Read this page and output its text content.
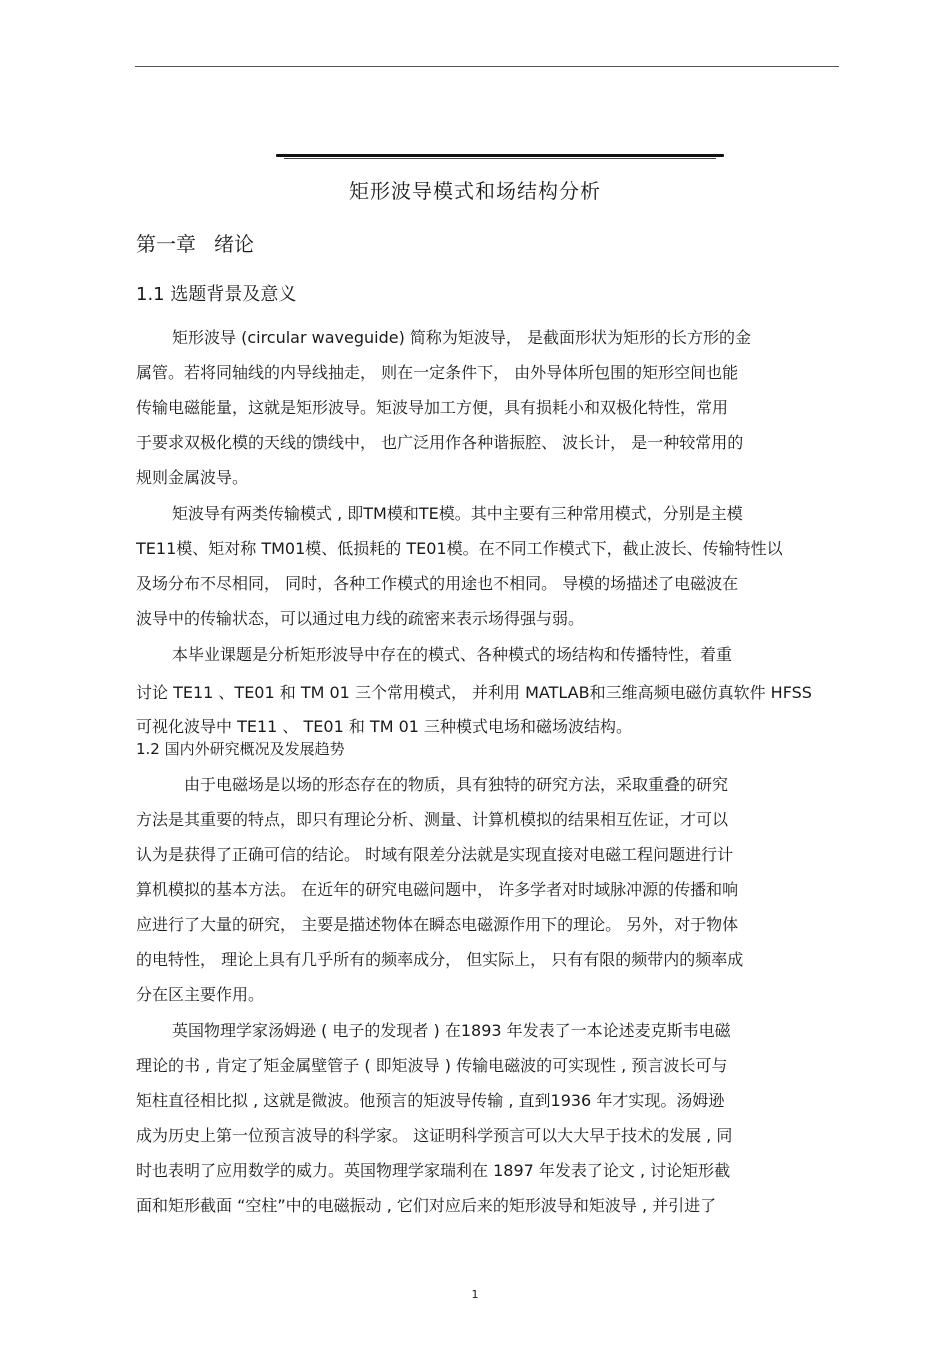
矩形波导模式和场结构分析
第一章 绪论
1.1 选题背景及意义
矩形波导 (circular waveguide) 简称为矩波导， 是截面形状为矩形的长方形的金
属管。若将同轴线的内导线抽走， 则在一定条件下， 由外导体所包围的矩形空间也能
传输电磁能量，这就是矩形波导。矩波导加工方便，具有损耗小和双极化特性，常用
于要求双极化模的天线的馈线中， 也广泛用作各种谐振腔、 波长计， 是一种较常用的
规则金属波导。
矩波导有两类传输模式 , 即TM模和TE模。其中主要有三种常用模式，分别是主模
TE11模、矩对称 TM01模、低损耗的 TE01模。在不同工作模式下，截止波长、传输特性以
及场分布不尽相同， 同时，各种工作模式的用途也不相同。 导模的场描述了电磁波在
波导中的传输状态，可以通过电力线的疏密来表示场得强与弱。
本毕业课题是分析矩形波导中存在的模式、各种模式的场结构和传播特性，着重
讨论 TE11 、TE01 和 TM 01 三个常用模式， 并利用 MATLAB和三维高频电磁仿真软件 HFSS
可视化波导中 TE11 、 TE01 和 TM 01 三种模式电场和磁场波结构。
1.2 国内外研究概况及发展趋势
由于电磁场是以场的形态存在的物质，具有独特的研究方法，采取重叠的研究
方法是其重要的特点，即只有理论分析、测量、计算机模拟的结果相互佐证，才可以
认为是获得了正确可信的结论。 时域有限差分法就是实现直接对电磁工程问题进行计
算机模拟的基本方法。 在近年的研究电磁问题中， 许多学者对时域脉冲源的传播和响
应进行了大量的研究， 主要是描述物体在瞬态电磁源作用下的理论。 另外，对于物体
的电特性， 理论上具有几乎所有的频率成分， 但实际上， 只有有限的频带内的频率成
分在区主要作用。
英国物理学家汤姆逊 ( 电子的发现者 ) 在1893 年发表了一本论述麦克斯韦电磁
理论的书 , 肯定了矩金属壁管子 ( 即矩波导 ) 传输电磁波的可实现性 , 预言波长可与
矩柱直径相比拟 , 这就是微波。他预言的矩波导传输 , 直到1936 年才实现。汤姆逊
成为历史上第一位预言波导的科学家。 这证明科学预言可以大大早于技术的发展 , 同
时也表明了应用数学的威力。英国物理学家瑞利在 1897 年发表了论文 , 讨论矩形截
面和矩形截面 “空柱”中的电磁振动 , 它们对应后来的矩形波导和矩波导 , 并引进了
1
